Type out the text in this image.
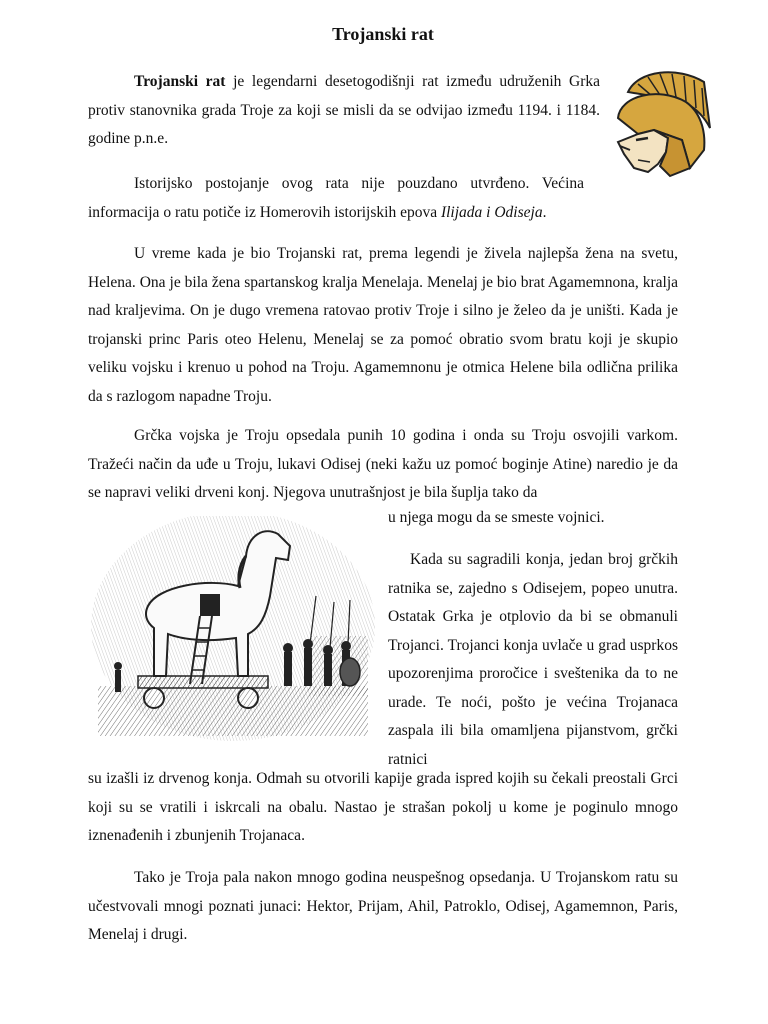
Trojanski rat

Trojanski rat je legendarni desetogodišnji rat između udruženih Grka protiv stanovnika grada Troje za koji se misli da se odvijao između 1194. i 1184. godine p.n.e.

Istorijsko postojanje ovog rata nije pouzdano utvrđeno. Većina informacija o ratu potiče iz Homerovih istorijskih epova Ilijada i Odiseja.

U vreme kada je bio Trojanski rat, prema legendi je živela najlepša žena na svetu, Helena. Ona je bila žena spartanskog kralja Menelaja. Menelaj je bio brat Agamemnona, kralja nad kraljevima. On je dugo vremena ratovao protiv Troje i silno je želeo da je uništi. Kada je trojanski princ Paris oteo Helenu, Menelaj se za pomoć obratio svom bratu koji je skupio veliku vojsku i krenuo u pohod na Troju. Agamemnonu je otmica Helene bila odlična prilika da s razlogom napadne Troju.

Grčka vojska je Troju opsedala punih 10 godina i onda su Troju osvojili varkom. Tražeći način da uđe u Troju, lukavi Odisej (neki kažu uz pomoć boginje Atine) naredio je da se napravi veliki drveni konj. Njegova unutrašnjost je bila šuplja tako da

u njega mogu da se smeste vojnici.

Kada su sagradili konja, jedan broj grčkih ratnika se, zajedno s Odisejem, popeo unutra. Ostatak Grka je otplovio da bi se obmanuli Trojanci. Trojanci konja uvlače u grad usprkos upozorenjima proročice i sveštenika da to ne urade. Te noći, pošto je većina Trojanaca zaspala ili bila omamljena pijanstvom, grčki ratnici

su izašli iz drvenog konja. Odmah su otvorili kapije grada ispred kojih su čekali preostali Grci koji su se vratili i iskrcali na obalu. Nastao je strašan pokolj u kome je poginulo mnogo iznenađenih i zbunjenih Trojanaca.

Tako je Troja pala nakon mnogo godina neuspešnog opsedanja. U Trojanskom ratu su učestvovali mnogi poznati junaci: Hektor, Prijam, Ahil, Patroklo, Odisej, Agamemnon, Paris, Menelaj i drugi.
